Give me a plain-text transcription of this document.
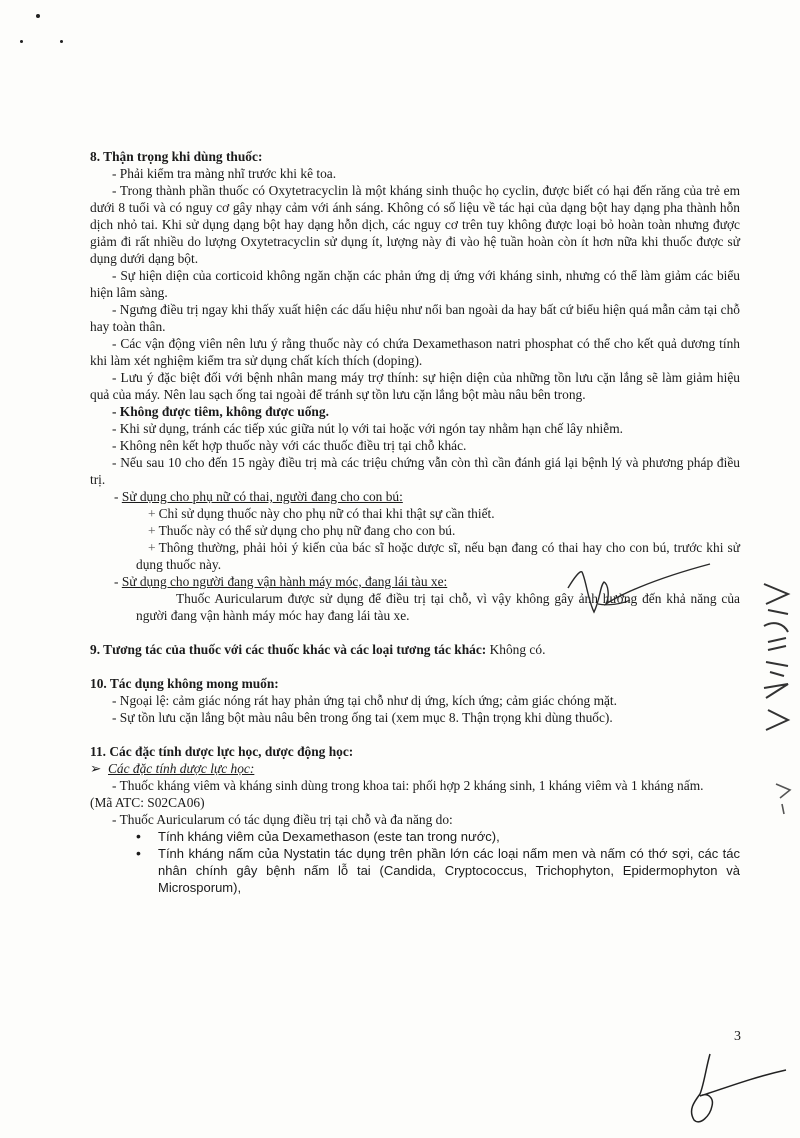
8. Thận trọng khi dùng thuốc:

- Phải kiểm tra màng nhĩ trước khi kê toa.

- Trong thành phần thuốc có Oxytetracyclin là một kháng sinh thuộc họ cyclin, được biết có hại đến răng của trẻ em dưới 8 tuổi và có nguy cơ gây nhạy cảm với ánh sáng. Không có số liệu về tác hại của dạng bột hay dạng pha thành hỗn dịch nhỏ tai. Khi sử dụng dạng bột hay dạng hỗn dịch, các nguy cơ trên tuy không được loại bỏ hoàn toàn nhưng được giảm đi rất nhiều do lượng Oxytetracyclin sử dụng ít, lượng này đi vào hệ tuần hoàn còn ít hơn nữa khi thuốc được sử dụng dưới dạng bột.

- Sự hiện diện của corticoid không ngăn chặn các phản ứng dị ứng với kháng sinh, nhưng có thể làm giảm các biểu hiện lâm sàng.

- Ngưng điều trị ngay khi thấy xuất hiện các dấu hiệu như nổi ban ngoài da hay bất cứ biểu hiện quá mẫn cảm tại chỗ hay toàn thân.

- Các vận động viên nên lưu ý rằng thuốc này có chứa Dexamethason natri phosphat có thể cho kết quả dương tính khi làm xét nghiệm kiểm tra sử dụng chất kích thích (doping).

- Lưu ý đặc biệt đối với bệnh nhân mang máy trợ thính: sự hiện diện của những tồn lưu cặn lắng sẽ làm giảm hiệu quả của máy. Nên lau sạch ống tai ngoài để tránh sự tồn lưu cặn lắng bột màu nâu bên trong.

- Không được tiêm, không được uống.

- Khi sử dụng, tránh các tiếp xúc giữa nút lọ với tai hoặc với ngón tay nhằm hạn chế lây nhiễm.

- Không nên kết hợp thuốc này với các thuốc điều trị tại chỗ khác.

- Nếu sau 10 cho đến 15 ngày điều trị mà các triệu chứng vẫn còn thì cần đánh giá lại bệnh lý và phương pháp điều trị.

- Sử dụng cho phụ nữ có thai, người đang cho con bú:

+ Chỉ sử dụng thuốc này cho phụ nữ có thai khi thật sự cần thiết.

+ Thuốc này có thể sử dụng cho phụ nữ đang cho con bú.

+ Thông thường, phải hỏi ý kiến của bác sĩ hoặc dược sĩ, nếu bạn đang có thai hay cho con bú, trước khi sử dụng thuốc này.

- Sử dụng cho người đang vận hành máy móc, đang lái tàu xe:

Thuốc Auricularum được sử dụng để điều trị tại chỗ, vì vậy không gây ảnh hưởng đến khả năng của người đang vận hành máy móc hay đang lái tàu xe.

9. Tương tác của thuốc với các thuốc khác và các loại tương tác khác: Không có.

10. Tác dụng không mong muốn:

- Ngoại lệ: cảm giác nóng rát hay phản ứng tại chỗ như dị ứng, kích ứng; cảm giác chóng mặt.

- Sự tồn lưu cặn lắng bột màu nâu bên trong ống tai (xem mục 8. Thận trọng khi dùng thuốc).

11. Các đặc tính dược lực học, dược động học:

➢ Các đặc tính dược lực học:

- Thuốc kháng viêm và kháng sinh dùng trong khoa tai: phối hợp 2 kháng sinh, 1 kháng viêm và 1 kháng nấm.

(Mã ATC: S02CA06)

- Thuốc Auricularum có tác dụng điều trị tại chỗ và đa năng do:

• Tính kháng viêm của Dexamethason (este tan trong nước),

• Tính kháng nấm của Nystatin tác dụng trên phần lớn các loại nấm men và nấm có thớ sợi, các tác nhân chính gây bệnh nấm lỗ tai (Candida, Cryptococcus, Trichophyton, Epidermophyton và Microsporum),

3
